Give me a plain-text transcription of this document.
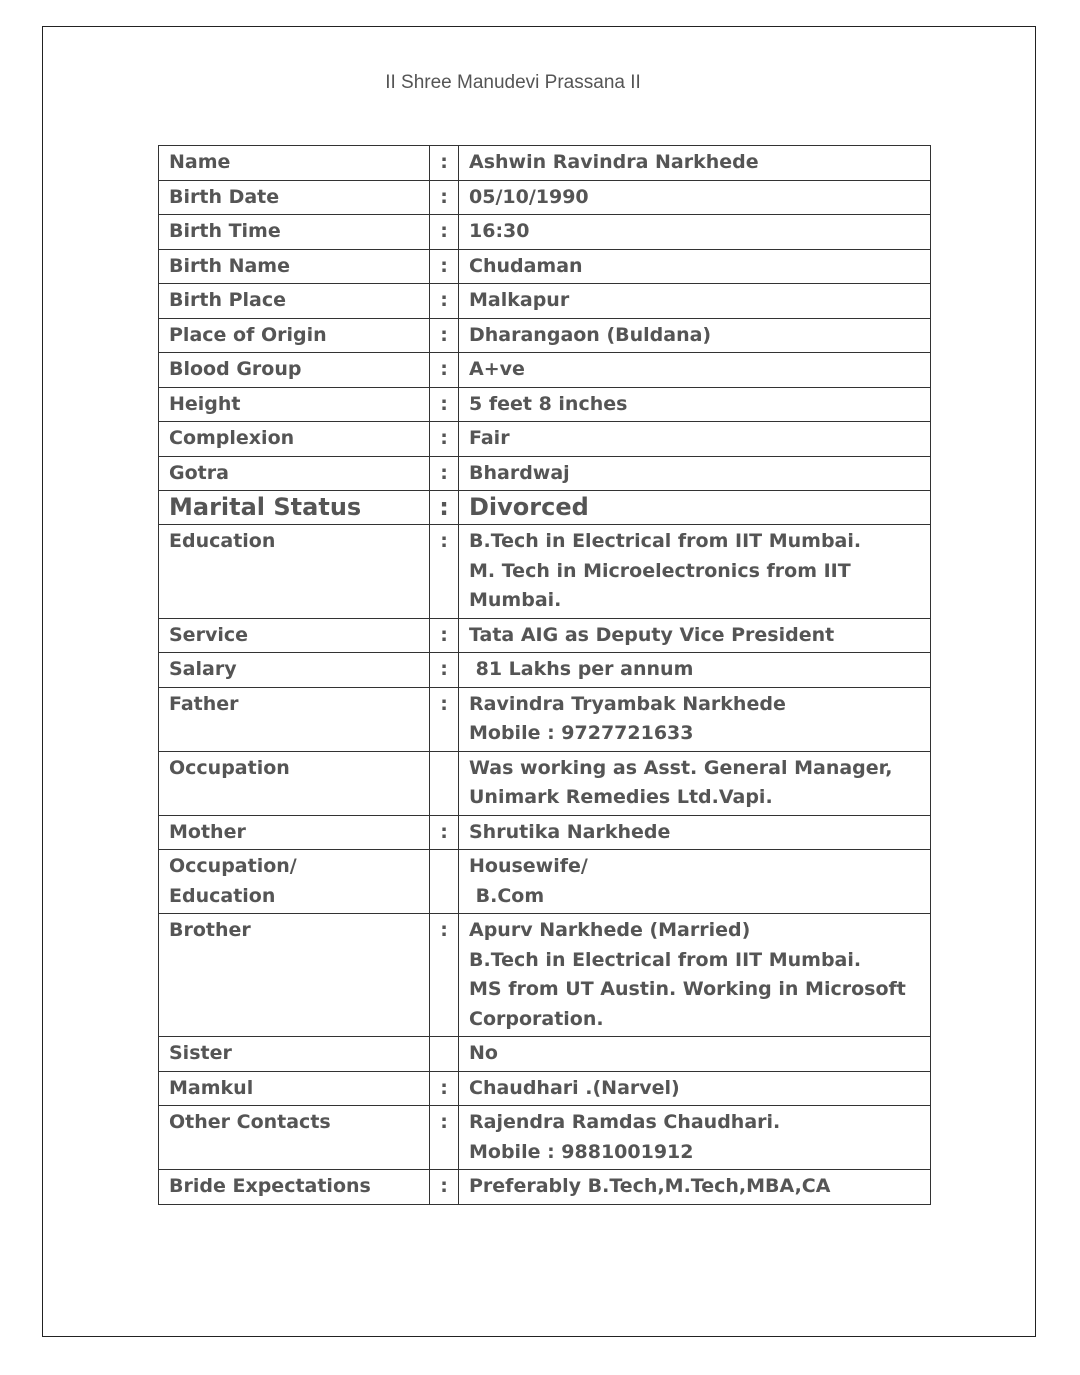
II Shree Manudevi Prassana II
Name	:	Ashwin Ravindra Narkhede
Birth Date	:	05/10/1990
Birth Time	:	16:30
Birth Name	:	Chudaman
Birth Place	:	Malkapur
Place of Origin	:	Dharangaon (Buldana)
Blood Group	:	A+ve
Height	:	5 feet 8 inches
Complexion	:	Fair
Gotra	:	Bhardwaj
Marital Status	:	Divorced
Education	:	B.Tech in Electrical from IIT Mumbai.
M. Tech in Microelectronics from IIT Mumbai.
Service	:	Tata AIG as Deputy Vice President
Salary	:	81 Lakhs per annum
Father	:	Ravindra Tryambak Narkhede
Mobile : 9727721633
Occupation		Was working as Asst. General Manager,
Unimark Remedies Ltd.Vapi.
Mother	:	Shrutika Narkhede
Occupation/
Education		Housewife/
B.Com
Brother	:	Apurv Narkhede (Married)
B.Tech in Electrical from IIT Mumbai.
MS from UT Austin. Working in Microsoft Corporation.
Sister		No
Mamkul	:	Chaudhari .(Narvel)
Other Contacts	:	Rajendra Ramdas Chaudhari.
Mobile : 9881001912
Bride Expectations	:	Preferably B.Tech,M.Tech,MBA,CA
